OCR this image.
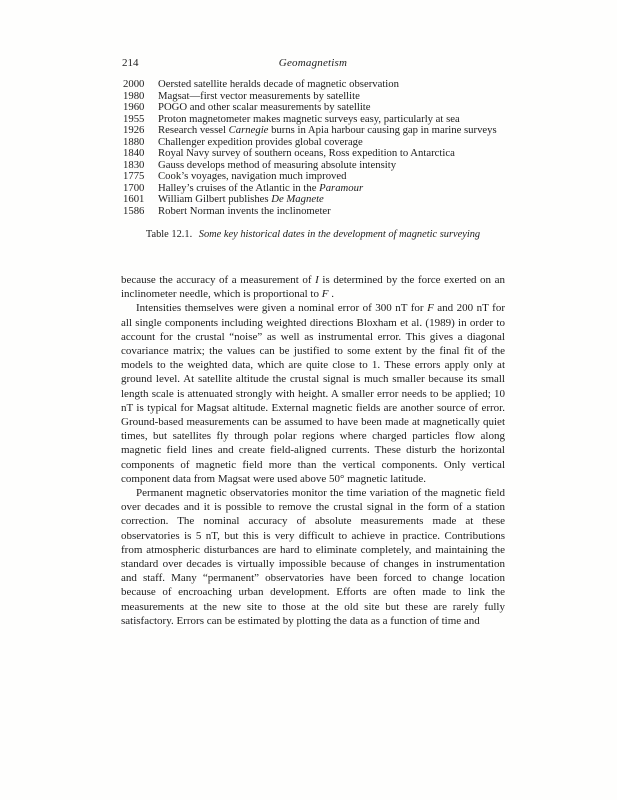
214	Geomagnetism
2000	Oersted satellite heralds decade of magnetic observation
1980	Magsat—first vector measurements by satellite
1960	POGO and other scalar measurements by satellite
1955	Proton magnetometer makes magnetic surveys easy, particularly at sea
1926	Research vessel Carnegie burns in Apia harbour causing gap in marine surveys
1880	Challenger expedition provides global coverage
1840	Royal Navy survey of southern oceans, Ross expedition to Antarctica
1830	Gauss develops method of measuring absolute intensity
1775	Cook’s voyages, navigation much improved
1700	Halley’s cruises of the Atlantic in the Paramour
1601	William Gilbert publishes De Magnete
1586	Robert Norman invents the inclinometer
Table 12.1. Some key historical dates in the development of magnetic surveying

because the accuracy of a measurement of I is determined by the force exerted on an inclinometer needle, which is proportional to F .

Intensities themselves were given a nominal error of 300 nT for F and 200 nT for all single components including weighted directions Bloxham et al. (1989) in order to account for the crustal “noise” as well as instrumental error. This gives a diagonal covariance matrix; the values can be justified to some extent by the final fit of the models to the weighted data, which are quite close to 1. These errors apply only at ground level. At satellite altitude the crustal signal is much smaller because its small length scale is attenuated strongly with height. A smaller error needs to be applied; 10 nT is typical for Magsat altitude. External magnetic fields are another source of error. Ground-based measurements can be assumed to have been made at magnetically quiet times, but satellites fly through polar regions where charged particles flow along magnetic field lines and create field-aligned currents. These disturb the horizontal components of magnetic field more than the vertical components. Only vertical component data from Magsat were used above 50° magnetic latitude.

Permanent magnetic observatories monitor the time variation of the magnetic field over decades and it is possible to remove the crustal signal in the form of a station correction. The nominal accuracy of absolute measurements made at these observatories is 5 nT, but this is very difficult to achieve in practice. Contributions from atmospheric disturbances are hard to eliminate completely, and maintaining the standard over decades is virtually impossible because of changes in instrumentation and staff. Many “permanent” observatories have been forced to change location because of encroaching urban development. Efforts are often made to link the measurements at the new site to those at the old site but these are rarely fully satisfactory. Errors can be estimated by plotting the data as a function of time and
